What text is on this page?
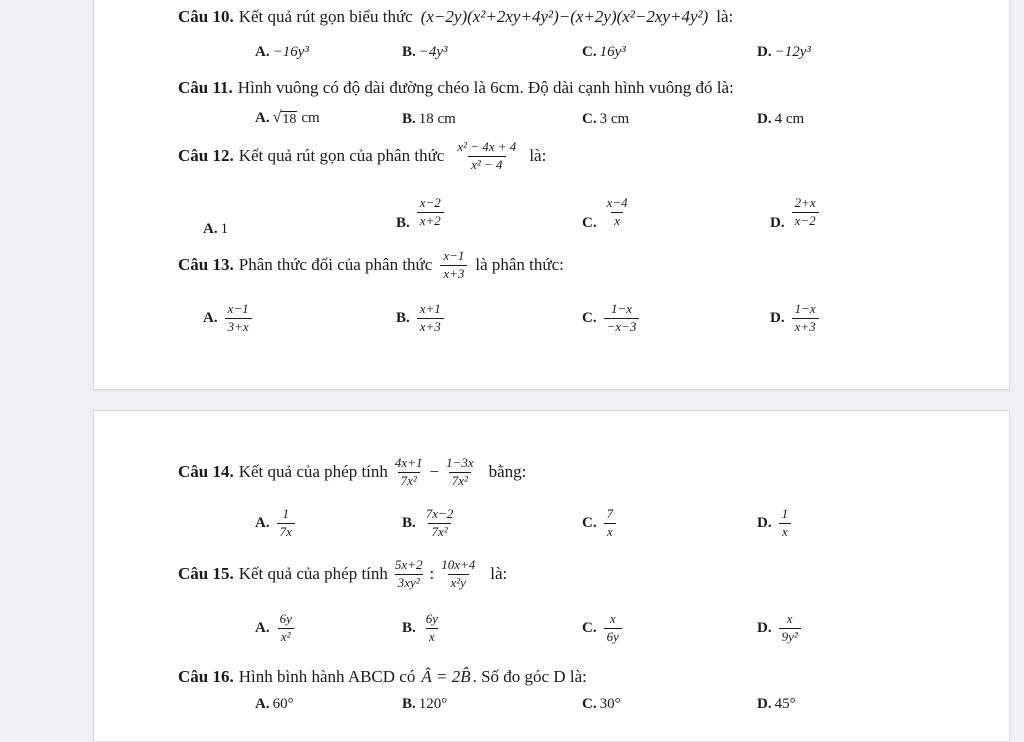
Câu 10. Kết quả rút gọn biểu thức (x−2y)(x²+2xy+4y²)−(x+2y)(x²−2xy+4y²) là:
A. −16y³	B. −4y³	C. 16y³	D. −12y³
Câu 11. Hình vuông có độ dài đường chéo là 6cm. Độ dài cạnh hình vuông đó là:
A. √ 18 cm	B. 18 cm	C. 3 cm	D. 4 cm
Câu 12. Kết quả rút gọn của phân thức $\frac{\text{x² − 4x + 4}}{\text{x² − 4}}$ là:
A. 1	B. $\frac{x-2}{x+2}$	C. $\frac{x-4}{x}$	D. $\frac{2+x}{x-2}$
Câu 13. Phân thức đối của phân thức $\frac{x-1}{x+3}$ là phân thức:
A. $\frac{x-1}{3+x}$	B. $\frac{x+1}{x+3}$	C. $\frac{1-x}{-x-3}$	D. $\frac{1-x}{x+3}$
Câu 14. Kết quả của phép tính $\frac{4x+1}{\text{7x²}} - \frac{1-3x}{\text{7x²}}$ bằng:
A. $\frac{1}{7x}$	B. $\frac{7x-2}{\text{7x²}}$	C. $\frac{7}{x}$	D. $\frac{1}{x}$
Câu 15. Kết quả của phép tính $\frac{5x+2}{\text{3xy²}}$ : $\frac{10x+4}{\text{x²y}}$ là:
A. $\frac{6y}{\text{x²}}$	B. $\frac{6y}{x}$	C. $\frac{x}{6y}$	D. $\frac{x}{\text{9y²}}$
Câu 16. Hình bình hành ABCD có Â = 2B̂ . Số đo góc D là:
A. 60°	B. 120°	C. 30°	D. 45°
